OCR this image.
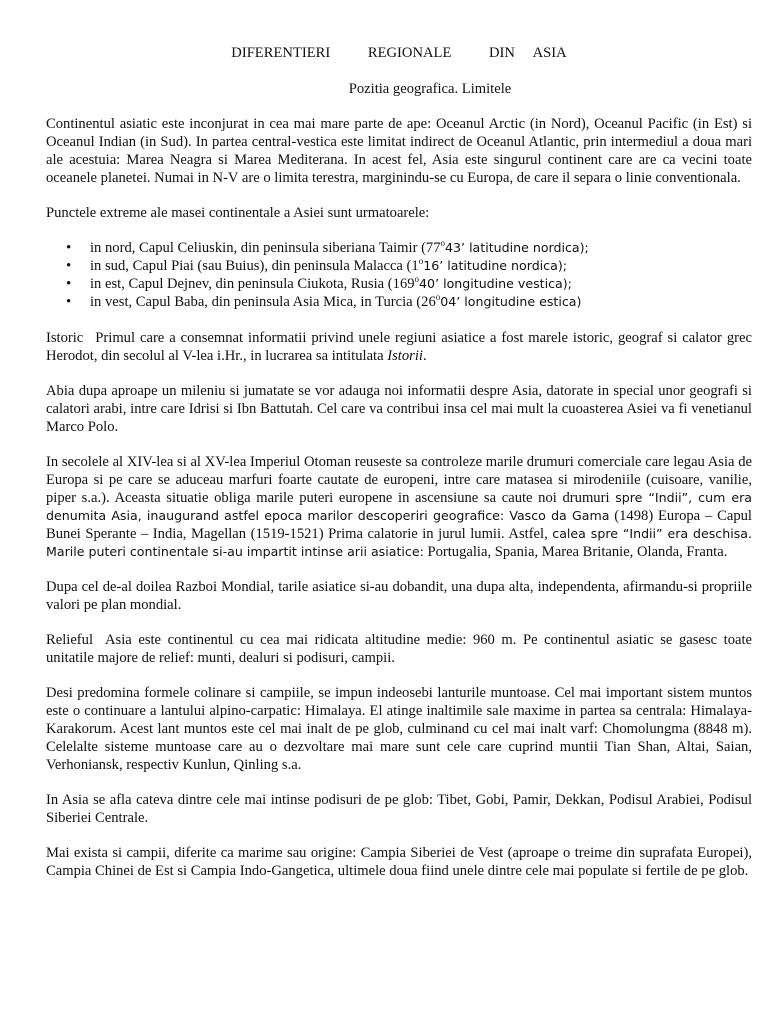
DIFERENTIERI	REGIONALE	DIN ASIA
Pozitia geografica. Limitele

Continentul asiatic este inconjurat in cea mai mare parte de ape: Oceanul Arctic (in Nord), Oceanul Pacific (in Est) si Oceanul Indian (in Sud). In partea central-vestica este limitat indirect de Oceanul Atlantic, prin intermediul a doua mari ale acestuia: Marea Neagra si Marea Mediterana. In acest fel, Asia este singurul continent care are ca vecini toate oceanele planetei. Numai in N-V are o limita terestra, marginindu-se cu Europa, de care il separa o linie conventionala.

Punctele extreme ale masei continentale a Asiei sunt urmatoarele:

• in nord, Capul Celiuskin, din peninsula siberiana Taimir (77$^o$43’ latitudine nordica);
• in sud, Capul Piai (sau Buius), din peninsula Malacca (1$^o$16’ latitudine nordica);
• in est, Capul Dejnev, din peninsula Ciukota, Rusia (169$^o$40’ longitudine vestica);
• in vest, Capul Baba, din peninsula Asia Mica, in Turcia (26$^o$04’ longitudine estica)

Istoric Primul care a consemnat informatii privind unele regiuni asiatice a fost marele istoric, geograf si calator grec Herodot, din secolul al V-lea i.Hr., in lucrarea sa intitulata Istorii.

Abia dupa aproape un mileniu si jumatate se vor adauga noi informatii despre Asia, datorate in special unor geografi si calatori arabi, intre care Idrisi si Ibn Battutah. Cel care va contribui insa cel mai mult la cuoasterea Asiei va fi venetianul Marco Polo.

In secolele al XIV-lea si al XV-lea Imperiul Otoman reuseste sa controleze marile drumuri comerciale care legau Asia de Europa si pe care se aduceau marfuri foarte cautate de europeni, intre care matasea si mirodeniile (cuisoare, vanilie, piper s.a.). Aceasta situatie obliga marile puteri europene in ascensiune sa caute noi drumuri spre “Indii”, cum era denumita Asia, inaugurand astfel epoca marilor descoperiri geografice: Vasco da Gama (1498) Europa – Capul Bunei Sperante – India, Magellan (1519-1521) Prima calatorie in jurul lumii. Astfel, calea spre “Indii” era deschisa. Marile puteri continentale si-au impartit intinse arii asiatice: Portugalia, Spania, Marea Britanie, Olanda, Franta.

Dupa cel de-al doilea Razboi Mondial, tarile asiatice si-au dobandit, una dupa alta, independenta, afirmandu-si propriile valori pe plan mondial.

Relieful Asia este continentul cu cea mai ridicata altitudine medie: 960 m. Pe continentul asiatic se gasesc toate unitatile majore de relief: munti, dealuri si podisuri, campii.

Desi predomina formele colinare si campiile, se impun indeosebi lanturile muntoase. Cel mai important sistem muntos este o continuare a lantului alpino-carpatic: Himalaya. El atinge inaltimile sale maxime in partea sa centrala: Himalaya-Karakorum. Acest lant muntos este cel mai inalt de pe glob, culminand cu cel mai inalt varf: Chomolungma (8848 m). Celelalte sisteme muntoase care au o dezvoltare mai mare sunt cele care cuprind muntii Tian Shan, Altai, Saian, Verhoniansk, respectiv Kunlun, Qinling s.a.

In Asia se afla cateva dintre cele mai intinse podisuri de pe glob: Tibet, Gobi, Pamir, Dekkan, Podisul Arabiei, Podisul Siberiei Centrale.

Mai exista si campii, diferite ca marime sau origine: Campia Siberiei de Vest (aproape o treime din suprafata Europei), Campia Chinei de Est si Campia Indo-Gangetica, ultimele doua fiind unele dintre cele mai populate si fertile de pe glob.
